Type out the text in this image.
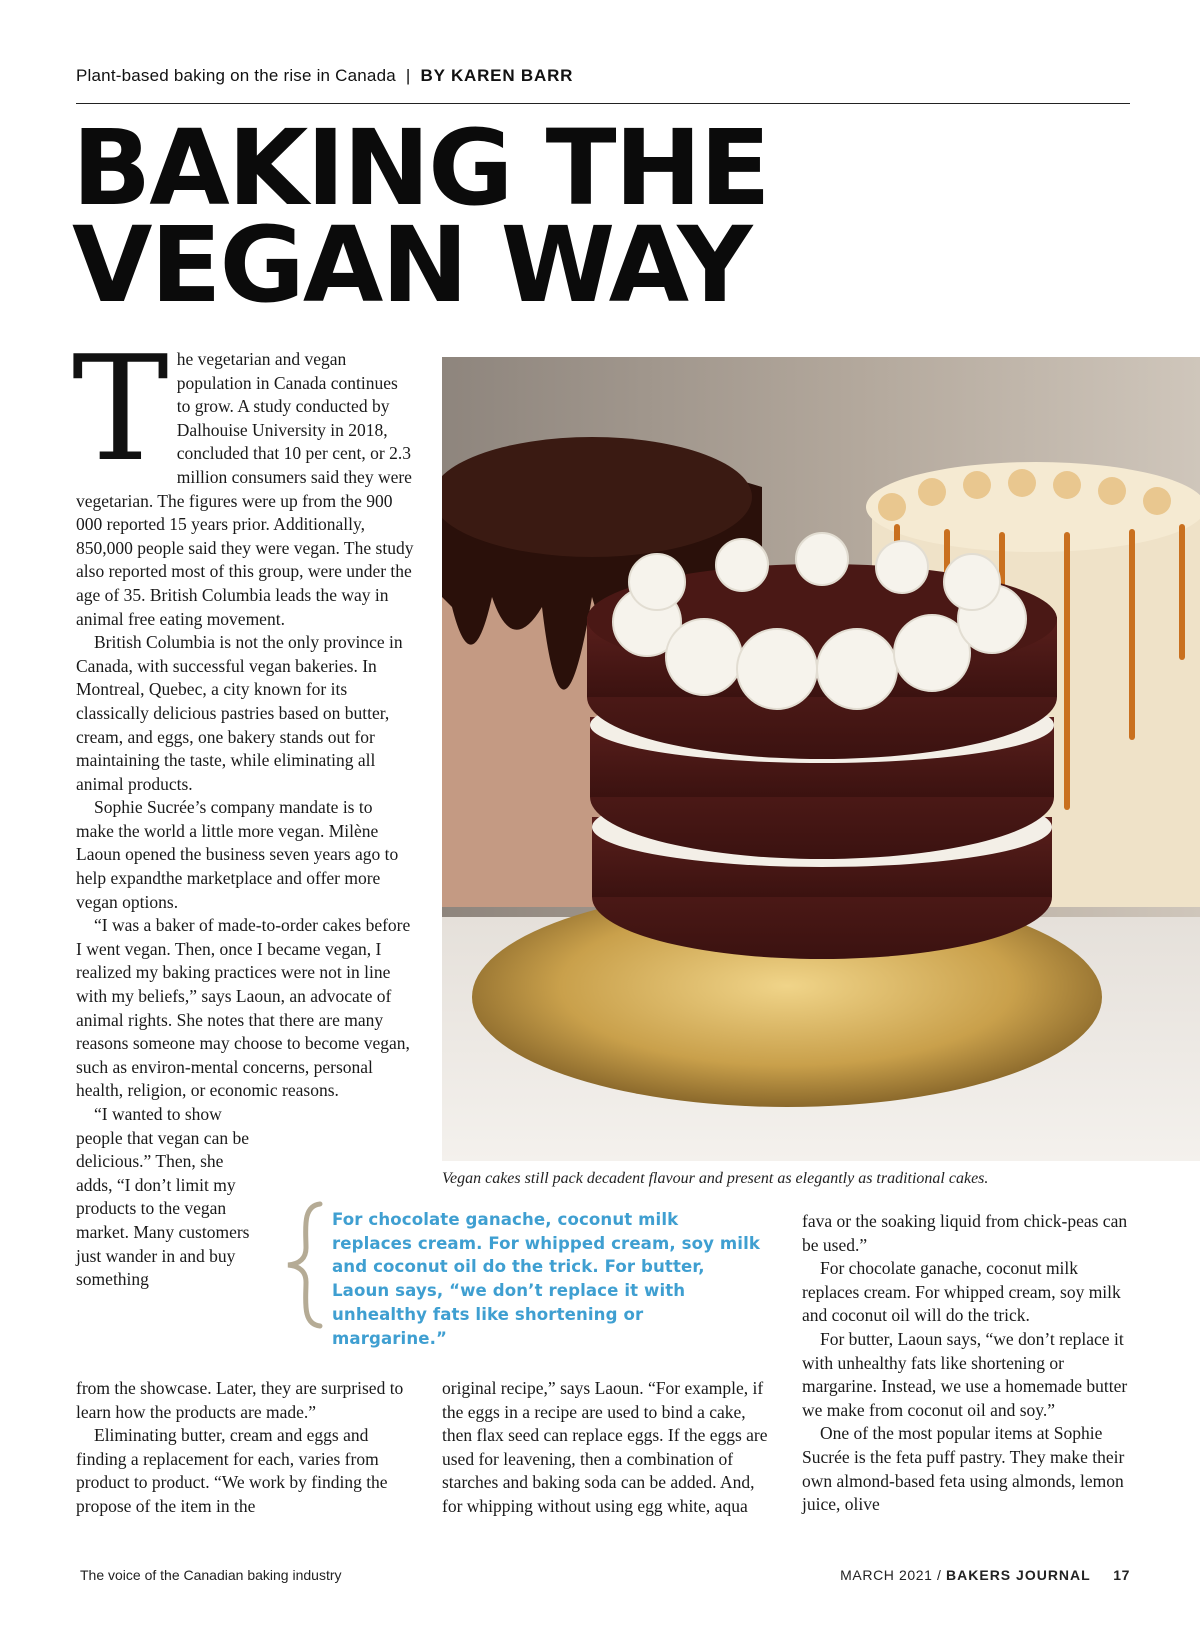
Plant-based baking on the rise in Canada | BY KAREN BARR
BAKING THE
VEGAN WAY

The vegetarian and vegan population in Canada continues to grow. A study conducted by Dalhouise University in 2018, concluded that 10 per cent, or 2.3 million consumers said they were vegetarian. The figures were up from the 900 000 reported 15 years prior. Additionally, 850,000 people said they were vegan. The study also reported most of this group, were under the age of 35. British Columbia leads the way in animal free eating movement.

British Columbia is not the only province in Canada, with successful vegan bakeries. In Montreal, Quebec, a city known for its classically delicious pastries based on butter, cream, and eggs, one bakery stands out for maintaining the taste, while eliminating all animal products.

Sophie Sucrée’s company mandate is to make the world a little more vegan. Milène Laoun opened the business seven years ago to help expandthe marketplace and offer more vegan options.

“I was a baker of made-to-order cakes before I went vegan. Then, once I became vegan, I realized my baking practices were not in line with my beliefs,” says Laoun, an advocate of animal rights. She notes that there are many reasons someone may choose to become vegan, such as environ-mental concerns, personal health, religion, or economic reasons.

“I wanted to show people that vegan can be delicious.” Then, she adds, “I don’t limit my products to the vegan market. Many customers just wander in and buy something

Vegan cakes still pack decadent flavour and present as elegantly as traditional cakes.
For chocolate ganache, coconut milk replaces cream. For whipped cream, soy milk and coconut oil do the trick. For butter, Laoun says, “we don’t replace it with unhealthy fats like shortening or margarine.”

from the showcase. Later, they are surprised to learn how the products are made.”

Eliminating butter, cream and eggs and finding a replacement for each, varies from product to product. “We work by finding the propose of the item in the

original recipe,” says Laoun. “For example, if the eggs in a recipe are used to bind a cake, then flax seed can replace eggs. If the eggs are used for leavening, then a combination of starches and baking soda can be added. And, for whipping without using egg white, aqua

fava or the soaking liquid from chick-peas can be used.”

For chocolate ganache, coconut milk replaces cream. For whipped cream, soy milk and coconut oil will do the trick.

For butter, Laoun says, “we don’t replace it with unhealthy fats like shortening or margarine. Instead, we use a homemade butter we make from coconut oil and soy.”

One of the most popular items at Sophie Sucrée is the feta puff pastry. They make their own almond-based feta using almonds, lemon juice, olive

The voice of the Canadian baking industry	MARCH 2021 / BAKERS JOURNAL 17
